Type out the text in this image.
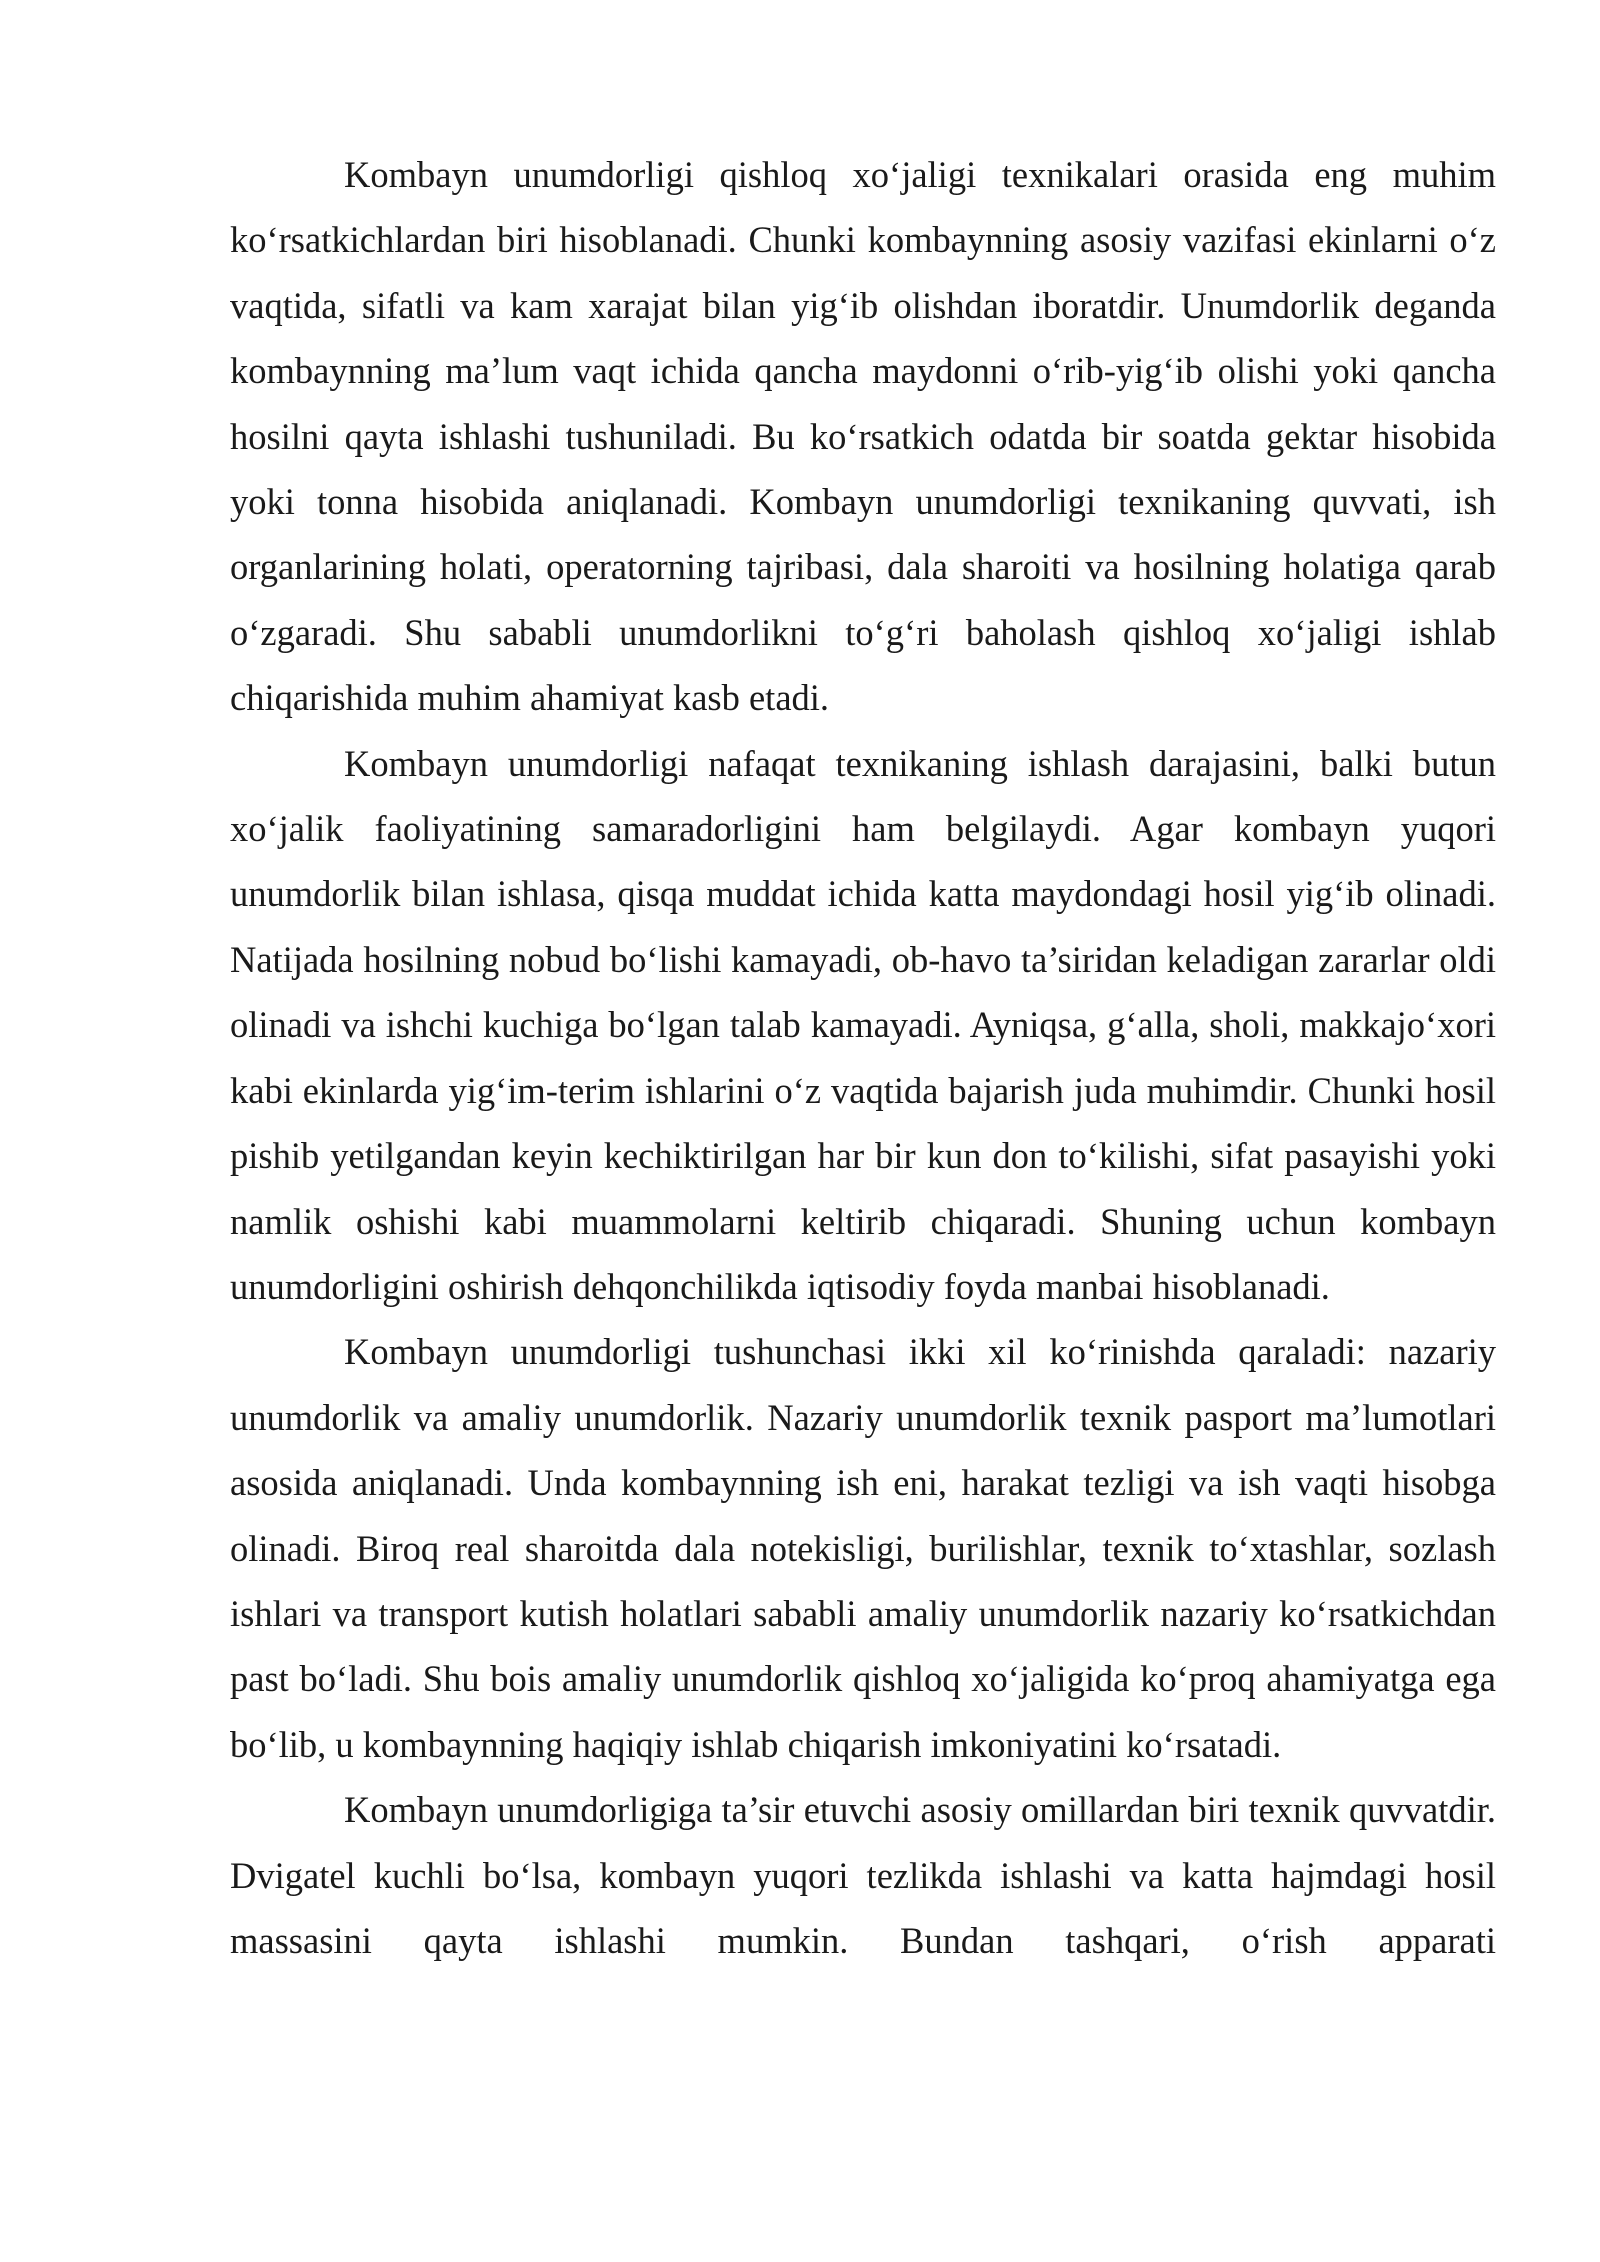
Kombayn unumdorligi qishloq xo‘jaligi texnikalari orasida eng muhim ko‘rsatkichlardan biri hisoblanadi. Chunki kombaynning asosiy vazifasi ekinlarni o‘z vaqtida, sifatli va kam xarajat bilan yig‘ib olishdan iboratdir. Unumdorlik deganda kombaynning ma’lum vaqt ichida qancha maydonni o‘rib-yig‘ib olishi yoki qancha hosilni qayta ishlashi tushuniladi. Bu ko‘rsatkich odatda bir soatda gektar hisobida yoki tonna hisobida aniqlanadi. Kombayn unumdorligi texnikaning quvvati, ish organlarining holati, operatorning tajribasi, dala sharoiti va hosilning holatiga qarab o‘zgaradi. Shu sababli unumdorlikni to‘g‘ri baholash qishloq xo‘jaligi ishlab chiqarishida muhim ahamiyat kasb etadi.

Kombayn unumdorligi nafaqat texnikaning ishlash darajasini, balki butun xo‘jalik faoliyatining samaradorligini ham belgilaydi. Agar kombayn yuqori unumdorlik bilan ishlasa, qisqa muddat ichida katta maydondagi hosil yig‘ib olinadi. Natijada hosilning nobud bo‘lishi kamayadi, ob-havo ta’siridan keladigan zararlar oldi olinadi va ishchi kuchiga bo‘lgan talab kamayadi. Ayniqsa, g‘alla, sholi, makkajo‘xori kabi ekinlarda yig‘im-terim ishlarini o‘z vaqtida bajarish juda muhimdir. Chunki hosil pishib yetilgandan keyin kechiktirilgan har bir kun don to‘kilishi, sifat pasayishi yoki namlik oshishi kabi muammolarni keltirib chiqaradi. Shuning uchun kombayn unumdorligini oshirish dehqonchilikda iqtisodiy foyda manbai hisoblanadi.

Kombayn unumdorligi tushunchasi ikki xil ko‘rinishda qaraladi: nazariy unumdorlik va amaliy unumdorlik. Nazariy unumdorlik texnik pasport ma’lumotlari asosida aniqlanadi. Unda kombaynning ish eni, harakat tezligi va ish vaqti hisobga olinadi. Biroq real sharoitda dala notekisligi, burilishlar, texnik to‘xtashlar, sozlash ishlari va transport kutish holatlari sababli amaliy unumdorlik nazariy ko‘rsatkichdan past bo‘ladi. Shu bois amaliy unumdorlik qishloq xo‘jaligida ko‘proq ahamiyatga ega bo‘lib, u kombaynning haqiqiy ishlab chiqarish imkoniyatini ko‘rsatadi.

Kombayn unumdorligiga ta’sir etuvchi asosiy omillardan biri texnik quvvatdir. Dvigatel kuchli bo‘lsa, kombayn yuqori tezlikda ishlashi va katta hajmdagi hosil massasini qayta ishlashi mumkin. Bundan tashqari, o‘rish apparati
